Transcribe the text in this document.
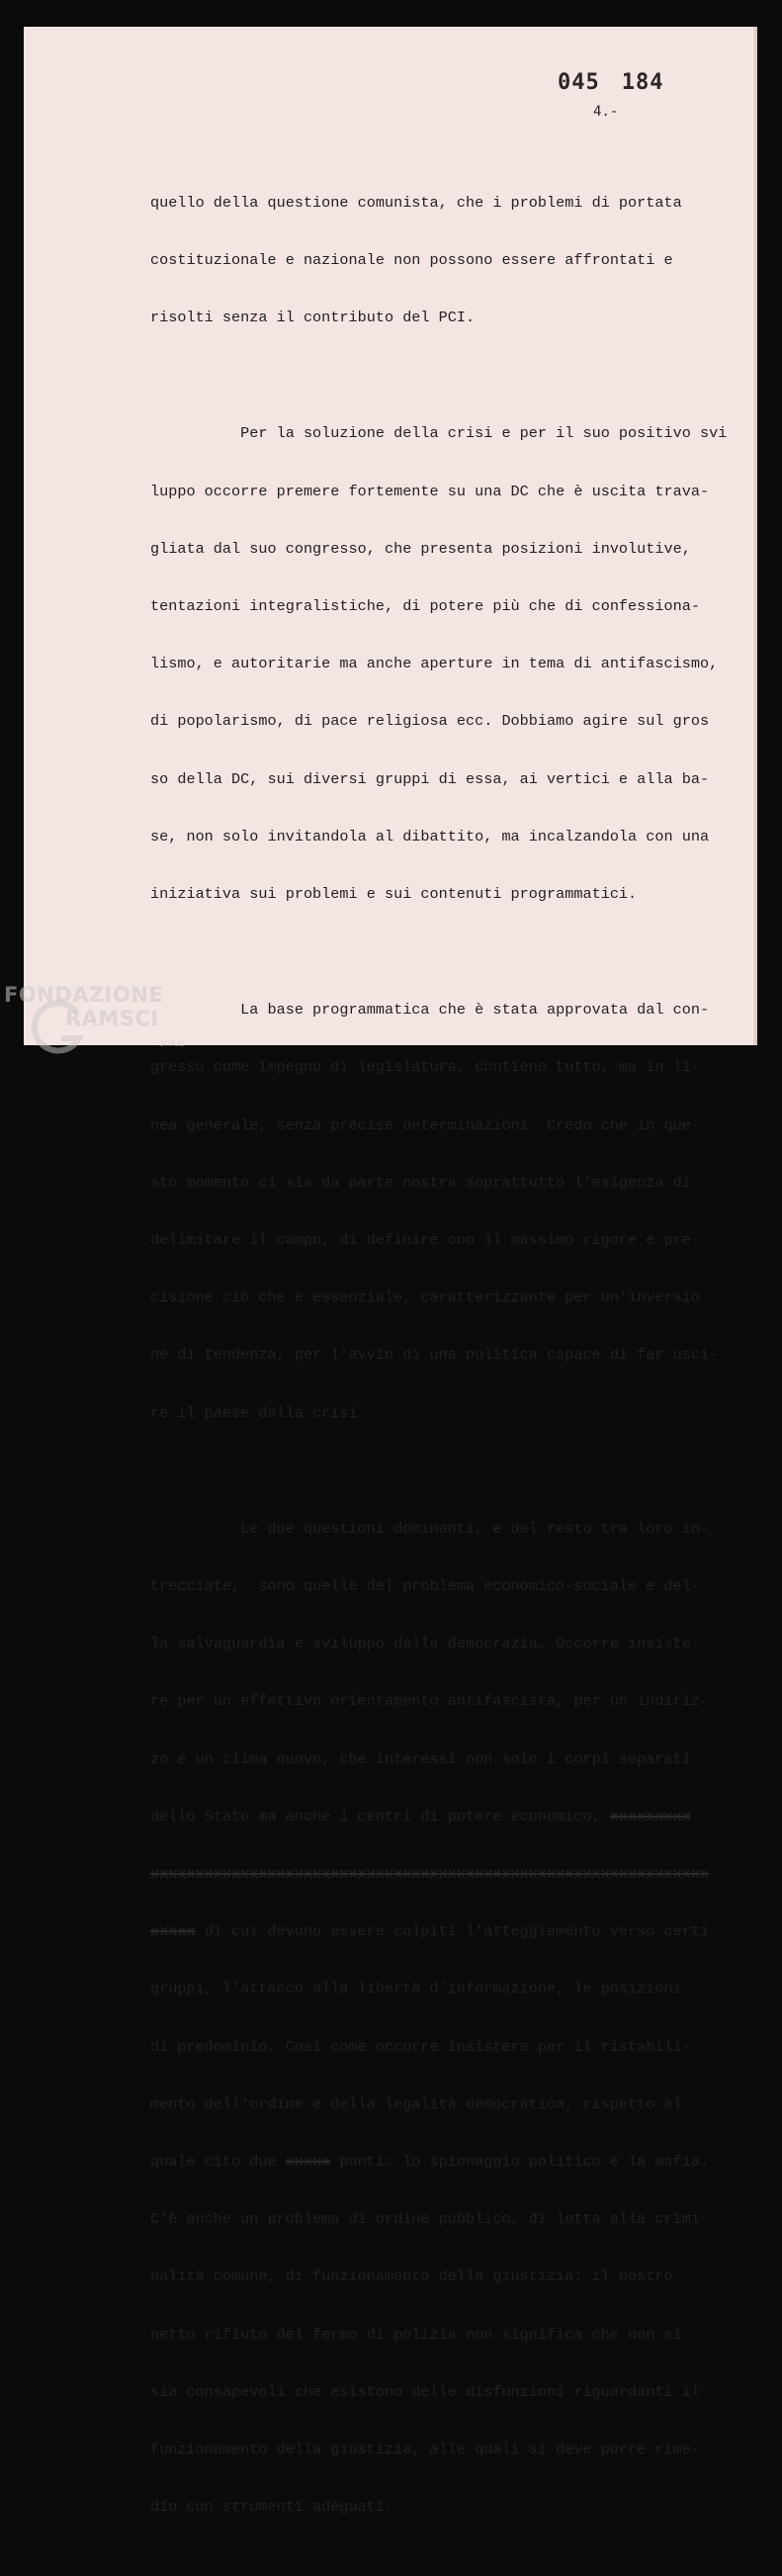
045 184
4.-

quello della questione comunista, che i problemi di portata

costituzionale e nazionale non possono essere affrontati e

risolti senza il contributo del PCI.

Per la soluzione della crisi e per il suo positivo svi

luppo occorre premere fortemente su una DC che è uscita trava-

gliata dal suo congresso, che presenta posizioni involutive,

tentazioni integralistiche, di potere più che di confessiona-

lismo, e autoritarie ma anche aperture in tema di antifascismo,

di popolarismo, di pace religiosa ecc. Dobbiamo agire sul gros

so della DC, sui diversi gruppi di essa, ai vertici e alla ba-

se, non solo invitandola al dibattito, ma incalzandola con una

iniziativa sui problemi e sui contenuti programmatici.

La base programmatica che è stata approvata dal con-

gresso come impegno di legislatura, contiene tutto, ma in li-

nea generale, senza precise determinazioni. Credo che in que-

sto momento ci sia da parte nostra soprattutto l'esigenza di

delimitare il campo, di definire con il massimo rigore e pre-

cisione ciò che è essenziale, caratterizzante per un'inversio

ne di tendenza, per l'avvio di una politica capace di far usci-

re il paese dalla crisi.

Le due questioni dominanti, e del resto tra loro in-

trecciate,  sono quelle del problema economico-sociale e del-

la salvaguardia e sviluppo della democrazia. Occorre insiste-

re per un effettivo orientamento antifascista, per un indiriz-

zo e un clima nuovo, che interessi non solo i corpi separati

dello Stato ma anche i centri di potere economico, xxxxxxxxx

xxxxxxxxxxxxxxxxxxxxxxxxxxxxxxxxxxxxxxxxxxxxxxxxxxxxxxxxxxxxxx

xxxxx di cui devono essere colpiti l'atteggiamento verso certi

gruppi, l'attacco alla libertà d'informazione, le posizioni

di predominio. Così come occorre insistere per il ristabili-

mento dell'ordine e della legalità democratica, rispetto al

quale cito due xxxxx punti: lo spionaggio politico e la mafia.

C'è anche un problema di ordine pubblico, di lotta alla crimi-

nalità comune, di funzionamento della giustizia: il nostro

netto rifiuto del fermo di polizia non significa che non si

sia consapevoli che esistono delle disfunzioni riguardanti il

funzionamento della giustizia, alle quali si deve porre rime-

dio con strumenti adeguati.

FONDAZIONE
RAMSCI
onlus
